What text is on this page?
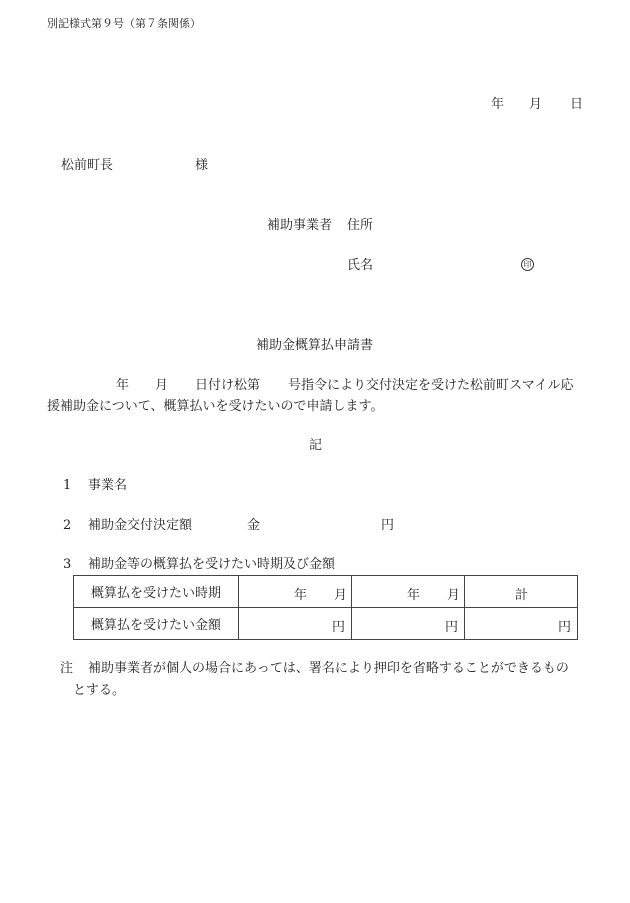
別記様式第９号（第７条関係）
年 月 日
松前町長	様
補助事業者 住所
氏名	印
補助金概算払申請書
年 月 日付け松第 号指令により交付決定を受けた松前町スマイル応
援補助金について、概算払いを受けたいので申請します。
記
1 事業名
2 補助金交付決定額	金	円
3 補助金等の概算払を受けたい時期及び金額
概算払を受けたい時期	年 月	年 月	計

概算払を受けたい金額	円	円	円
注 補助事業者が個人の場合にあっては、署名により押印を省略することができるもの
とする。
